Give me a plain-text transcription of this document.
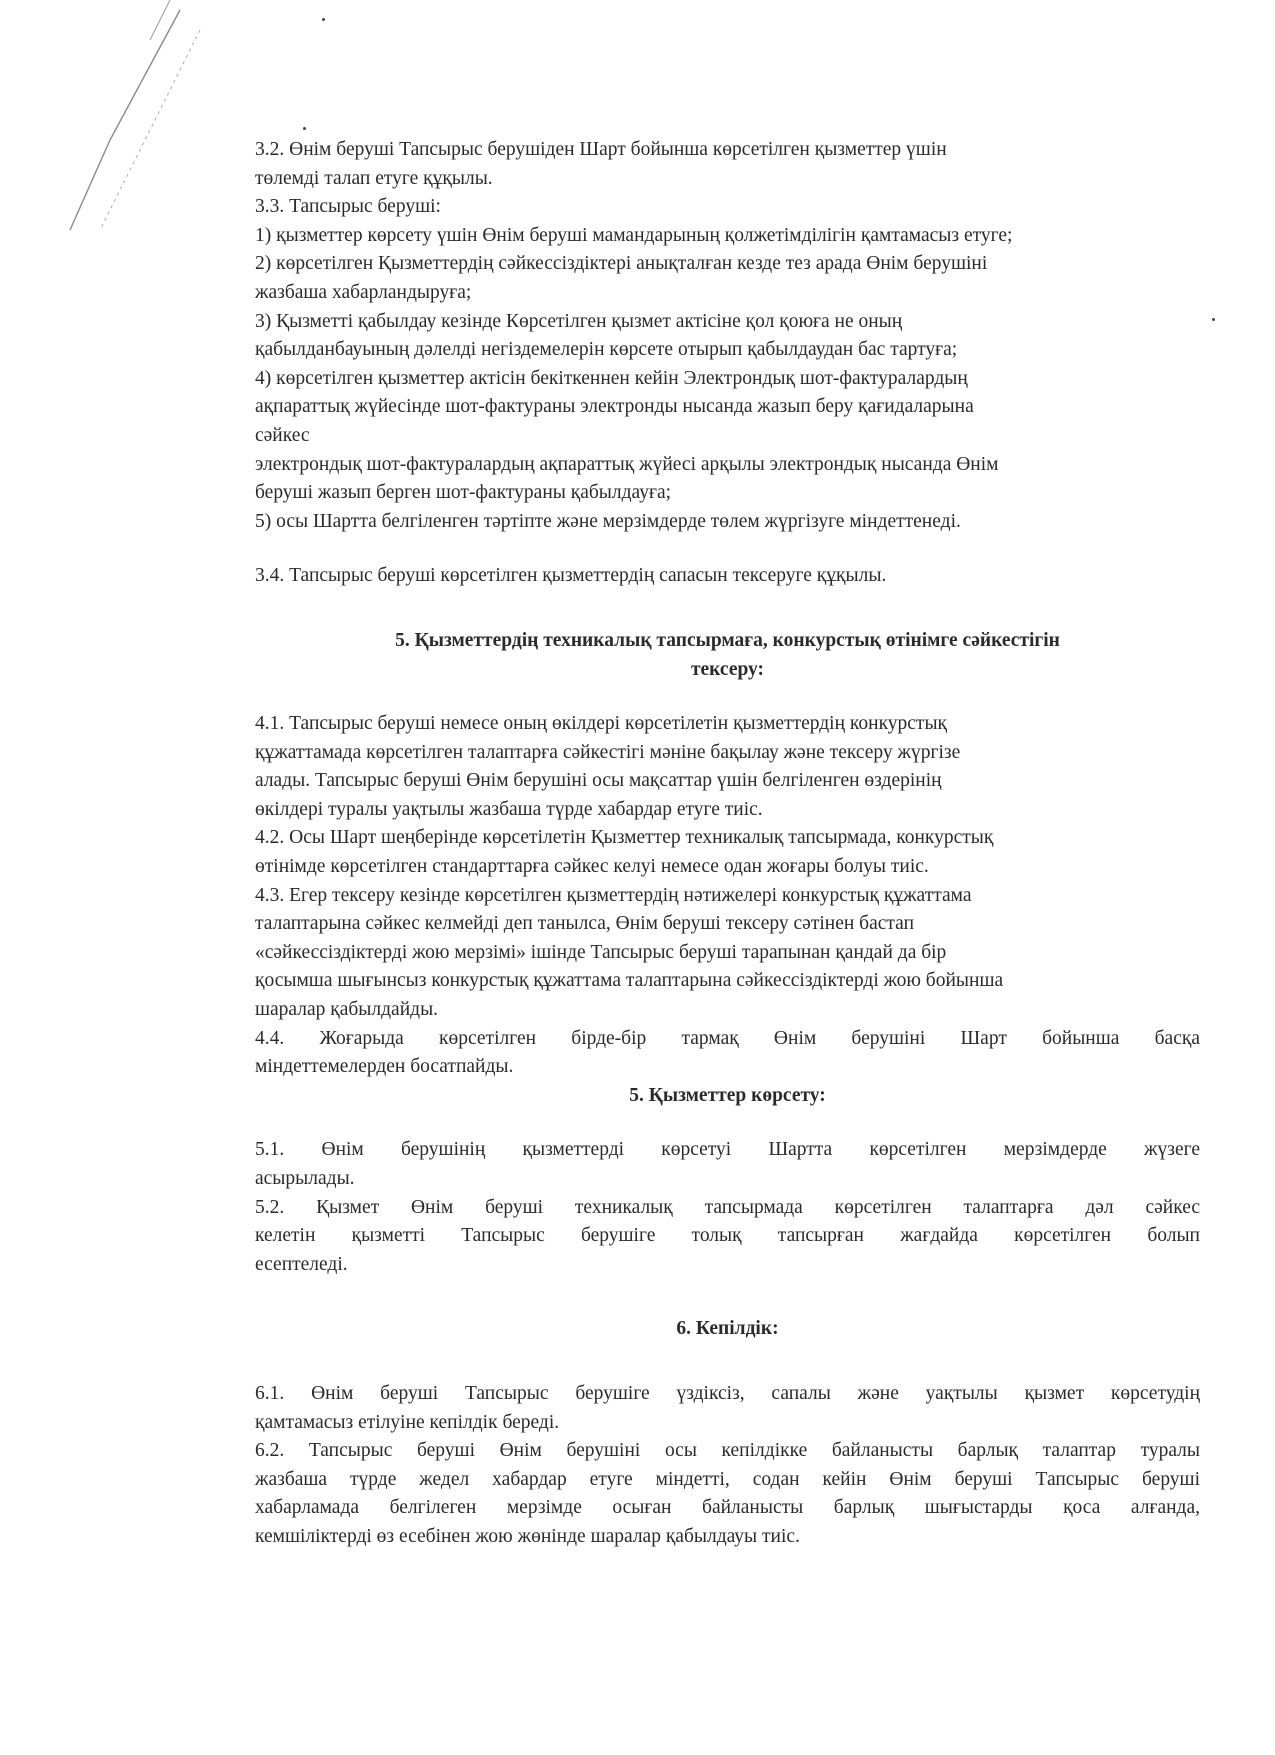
3.2. Өнім беруші Тапсырыс берушіден Шарт бойынша көрсетілген қызметтер үшін
төлемді талап етуге құқылы.
3.3. Тапсырыс беруші:
1) қызметтер көрсету үшін Өнім беруші мамандарының қолжетімділігін қамтамасыз етуге;
2) көрсетілген Қызметтердің сәйкессіздіктері анықталған кезде тез арада Өнім берушіні
жазбаша хабарландыруға;
3) Қызметті қабылдау кезінде Көрсетілген қызмет актісіне қол қоюға не оның
қабылданбауының дәлелді негіздемелерін көрсете отырып қабылдаудан бас тартуға;
4) көрсетілген қызметтер актісін бекіткеннен кейін Электрондық шот-фактуралардың
ақпараттық жүйесінде шот-фактураны электронды нысанда жазып беру қағидаларына
сәйкес
электрондық шот-фактуралардың ақпараттық жүйесі арқылы электрондық нысанда Өнім
беруші жазып берген шот-фактураны қабылдауға;
5) осы Шартта белгіленген тәртіпте және мерзімдерде төлем жүргізуге міндеттенеді.
3.4. Тапсырыс беруші көрсетілген қызметтердің сапасын тексеруге құқылы.
5. Қызметтердің техникалық тапсырмаға, конкурстық өтінімге сәйкестігін
тексеру:
4.1. Тапсырыс беруші немесе оның өкілдері көрсетілетін қызметтердің конкурстық
құжаттамада көрсетілген талаптарға сәйкестігі мәніне бақылау және тексеру жүргізе
алады. Тапсырыс беруші Өнім берушіні осы мақсаттар үшін белгіленген өздерінің
өкілдері туралы уақтылы жазбаша түрде хабардар етуге тиіс.
4.2. Осы Шарт шеңберінде көрсетілетін Қызметтер техникалық тапсырмада, конкурстық
өтінімде көрсетілген стандарттарға сәйкес келуі немесе одан жоғары болуы тиіс.
4.3. Егер тексеру кезінде көрсетілген қызметтердің нәтижелері конкурстық құжаттама
талаптарына сәйкес келмейді деп танылса, Өнім беруші тексеру сәтінен бастап
«сәйкессіздіктерді жою мерзімі» ішінде Тапсырыс беруші тарапынан қандай да бір
қосымша шығынсыз конкурстық құжаттама талаптарына сәйкессіздіктерді жою бойынша
шаралар қабылдайды.
4.4. Жоғарыда көрсетілген бірде-бір тармақ Өнім берушіні Шарт бойынша басқа
міндеттемелерден босатпайды.
5. Қызметтер көрсету:
5.1. Өнім берушінің қызметтерді көрсетуі Шартта көрсетілген мерзімдерде жүзеге
асырылады.
5.2. Қызмет Өнім беруші техникалық тапсырмада көрсетілген талаптарға дәл сәйкес
келетін қызметті Тапсырыс берушіге толық тапсырған жағдайда көрсетілген болып
есептеледі.
6. Кепілдік:
6.1. Өнім беруші Тапсырыс берушіге үздіксіз, сапалы және уақтылы қызмет көрсетудің
қамтамасыз етілуіне кепілдік береді.
6.2. Тапсырыс беруші Өнім берушіні осы кепілдікке байланысты барлық талаптар туралы
жазбаша түрде жедел хабардар етуге міндетті, содан кейін Өнім беруші Тапсырыс беруші
хабарламада белгілеген мерзімде осыған байланысты барлық шығыстарды қоса алғанда,
кемшіліктерді өз есебінен жою жөнінде шаралар қабылдауы тиіс.
